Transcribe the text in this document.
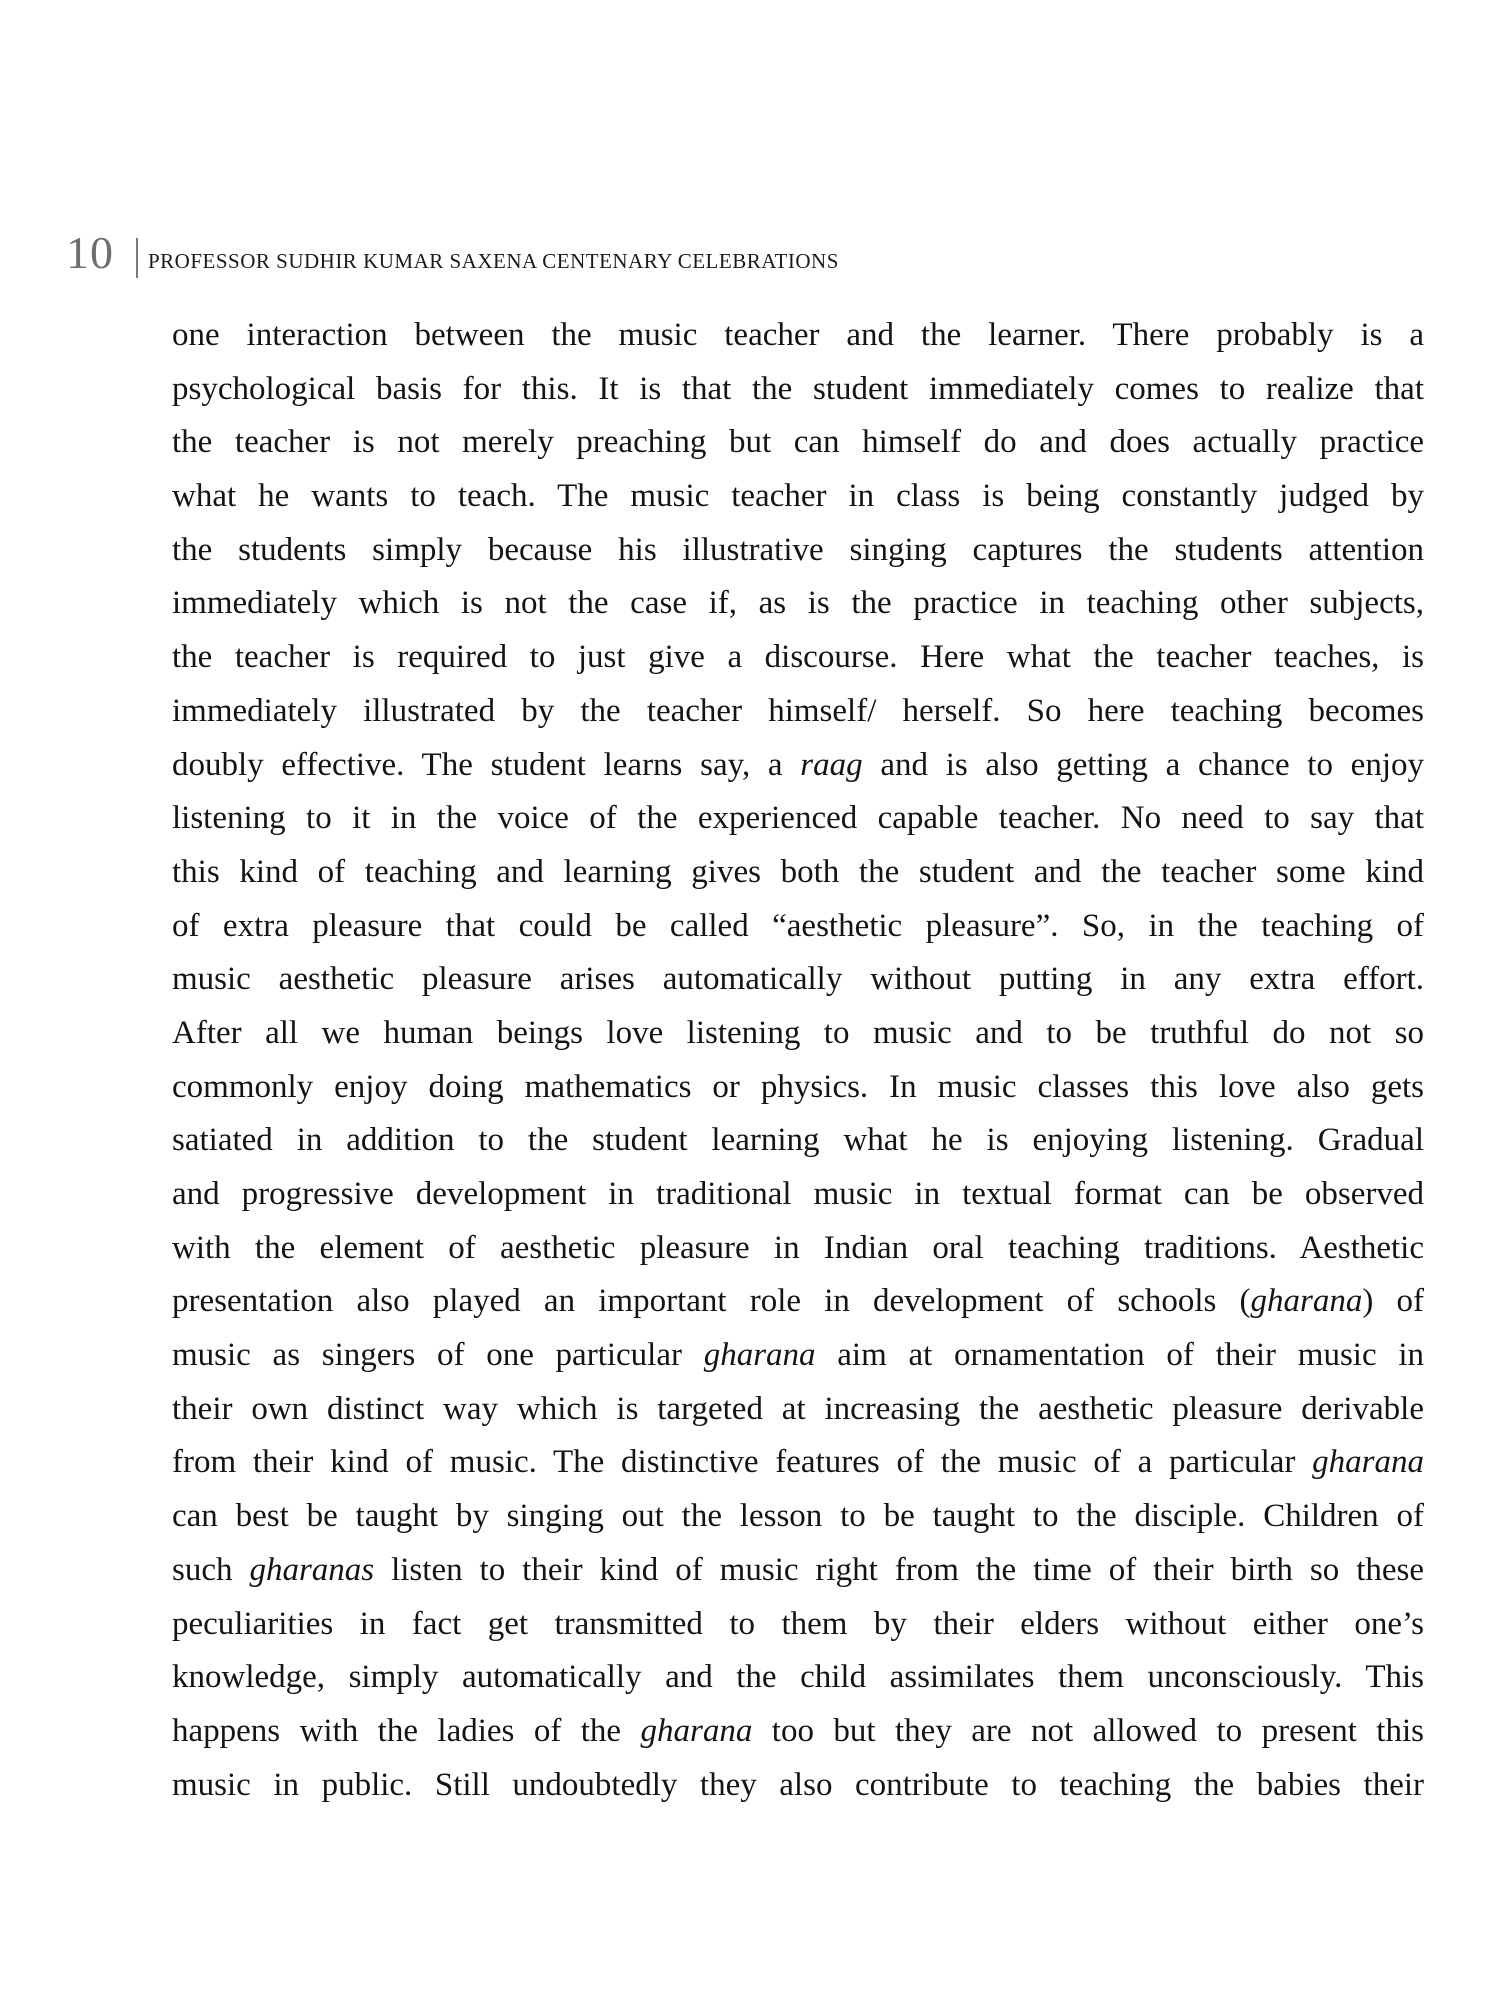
10 PROFESSOR SUDHIR KUMAR SAXENA CENTENARY CELEBRATIONS
one interaction between the music teacher and the learner. There probably is a
psychological basis for this. It is that the student immediately comes to realize that
the teacher is not merely preaching but can himself do and does actually practice
what he wants to teach. The music teacher in class is being constantly judged by
the students simply because his illustrative singing captures the students attention
immediately which is not the case if, as is the practice in teaching other subjects,
the teacher is required to just give a discourse. Here what the teacher teaches, is
immediately illustrated by the teacher himself/ herself. So here teaching becomes
doubly effective. The student learns say, a raag and is also getting a chance to enjoy
listening to it in the voice of the experienced capable teacher. No need to say that
this kind of teaching and learning gives both the student and the teacher some kind
of extra pleasure that could be called “aesthetic pleasure”. So, in the teaching of
music aesthetic pleasure arises automatically without putting in any extra effort.
After all we human beings love listening to music and to be truthful do not so
commonly enjoy doing mathematics or physics. In music classes this love also gets
satiated in addition to the student learning what he is enjoying listening. Gradual
and progressive development in traditional music in textual format can be observed
with the element of aesthetic pleasure in Indian oral teaching traditions. Aesthetic
presentation also played an important role in development of schools (gharana) of
music as singers of one particular gharana aim at ornamentation of their music in
their own distinct way which is targeted at increasing the aesthetic pleasure derivable
from their kind of music. The distinctive features of the music of a particular gharana
can best be taught by singing out the lesson to be taught to the disciple. Children of
such gharanas listen to their kind of music right from the time of their birth so these
peculiarities in fact get transmitted to them by their elders without either one’s
knowledge, simply automatically and the child assimilates them unconsciously. This
happens with the ladies of the gharana too but they are not allowed to present this
music in public. Still undoubtedly they also contribute to teaching the babies their
